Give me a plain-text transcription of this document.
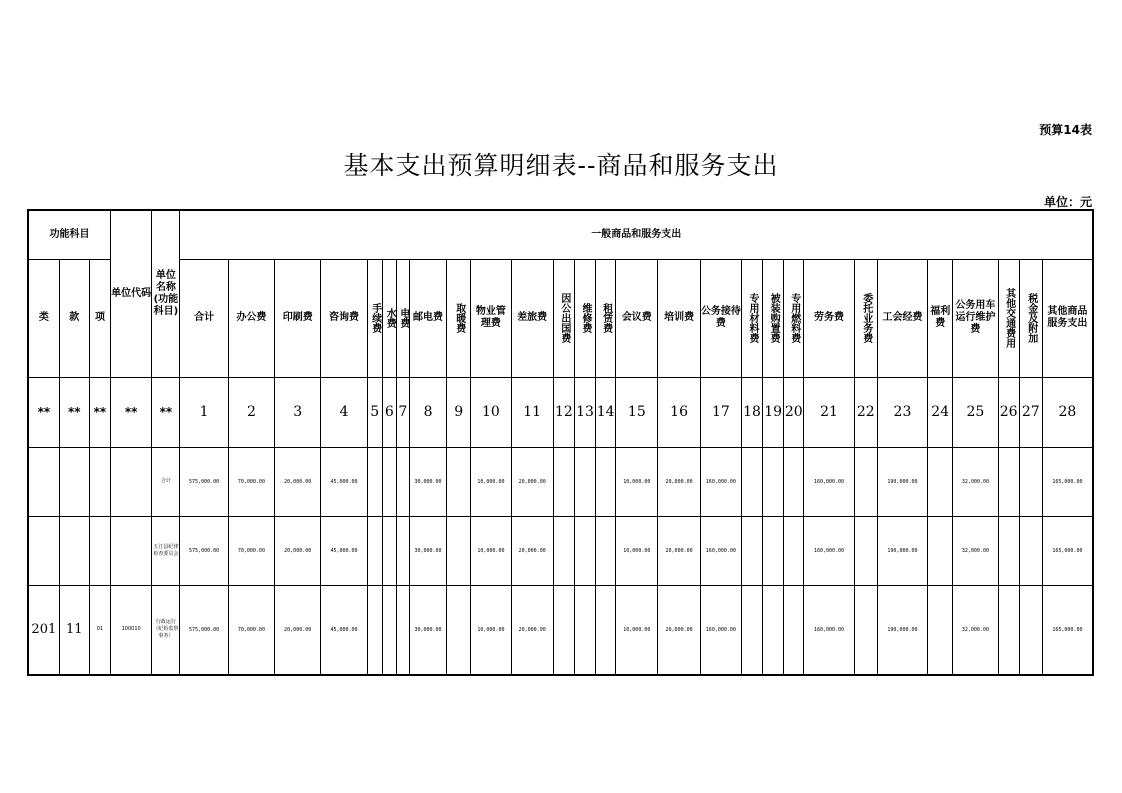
预算14表
基本支出预算明细表--商品和服务支出
单位：元
功能科目			单位代码	单位名称(功能科目)	一般商品和服务支出																											
类	款	项			合计	办公费	印刷费	咨询费	手续费	水费	电费	邮电费	取暖费	物业管理费	差旅费	因公出国费	维修费	租赁费	会议费	培训费	公务接待费	专用材料费	被装购置费	专用燃料费	劳务费	委托业务费	工会经费	福利费	公务用车运行维护费	其他交通费用	税金及附加	其他商品服务支出
**	**	**	**	**	1	2	3	4	5	6	7	8	9	10	11	12	13	14	15	16	17	18	19	20	21	22	23	24	25	26	27	28
				合计	575,000.00	70,000.00	20,000.00	45,000.00				30,000.00		10,000.00	20,000.00				10,000.00	20,000.00	160,000.00				160,000.00		190,000.00		32,000.00			165,000.00
				五江县纪律检查委员会	575,000.00	70,000.00	20,000.00	45,000.00				30,000.00		10,000.00	20,000.00				10,000.00	20,000.00	160,000.00				160,000.00		190,000.00		32,000.00			165,000.00
201	11	01	100010	行政运行（纪检监察事务）	575,000.00	70,000.00	20,000.00	45,000.00				30,000.00		10,000.00	20,000.00				10,000.00	20,000.00	160,000.00				160,000.00		190,000.00		32,000.00			165,000.00
